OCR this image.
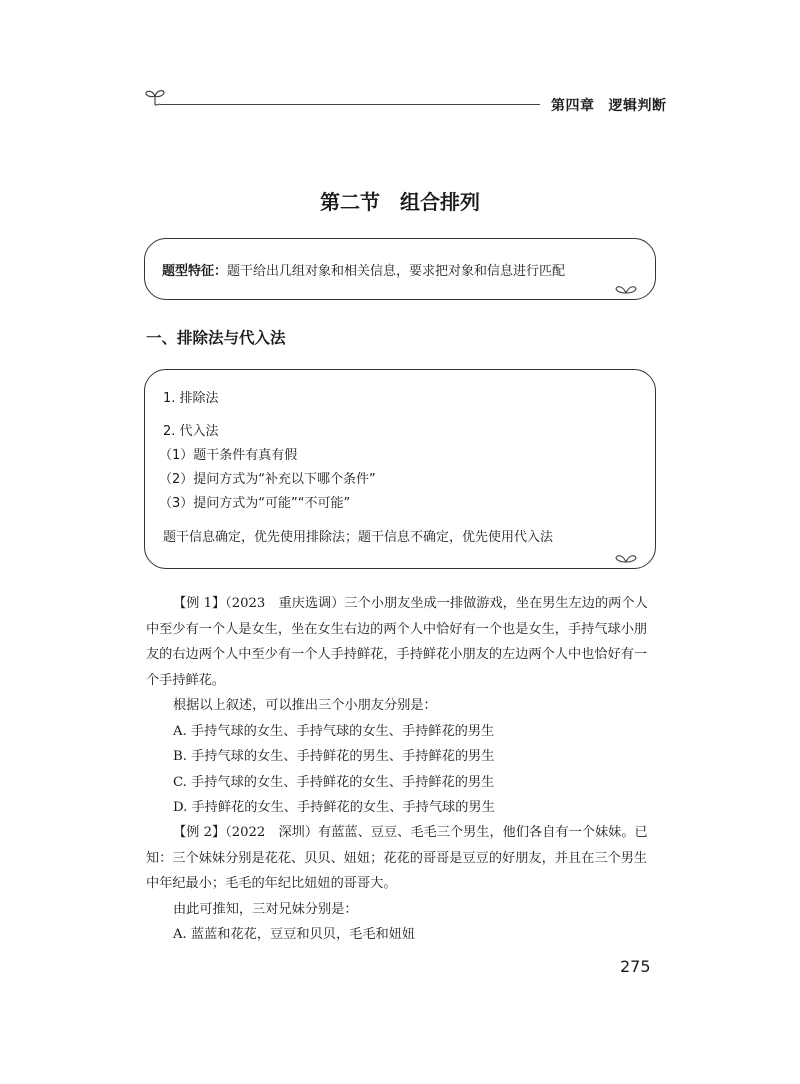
第四章 逻辑判断
第二节　组合排列
题型特征：题干给出几组对象和相关信息，要求把对象和信息进行匹配
一、排除法与代入法
1. 排除法
2. 代入法
（1）题干条件有真有假
（2）提问方式为“补充以下哪个条件”
（3）提问方式为“可能”“不可能”
题干信息确定，优先使用排除法；题干信息不确定，优先使用代入法

【例 1】（2023　重庆选调）三个小朋友坐成一排做游戏，坐在男生左边的两个人中至少有一个人是女生，坐在女生右边的两个人中恰好有一个也是女生，手持气球小朋友的右边两个人中至少有一个人手持鲜花，手持鲜花小朋友的左边两个人中也恰好有一个手持鲜花。

根据以上叙述，可以推出三个小朋友分别是：

A. 手持气球的女生、手持气球的女生、手持鲜花的男生

B. 手持气球的女生、手持鲜花的男生、手持鲜花的男生

C. 手持气球的女生、手持鲜花的女生、手持鲜花的男生

D. 手持鲜花的女生、手持鲜花的女生、手持气球的男生

【例 2】（2022　深圳）有蓝蓝、豆豆、毛毛三个男生，他们各自有一个妹妹。已知：三个妹妹分别是花花、贝贝、妞妞；花花的哥哥是豆豆的好朋友，并且在三个男生中年纪最小；毛毛的年纪比妞妞的哥哥大。

由此可推知，三对兄妹分别是：

A. 蓝蓝和花花，豆豆和贝贝，毛毛和妞妞

275
